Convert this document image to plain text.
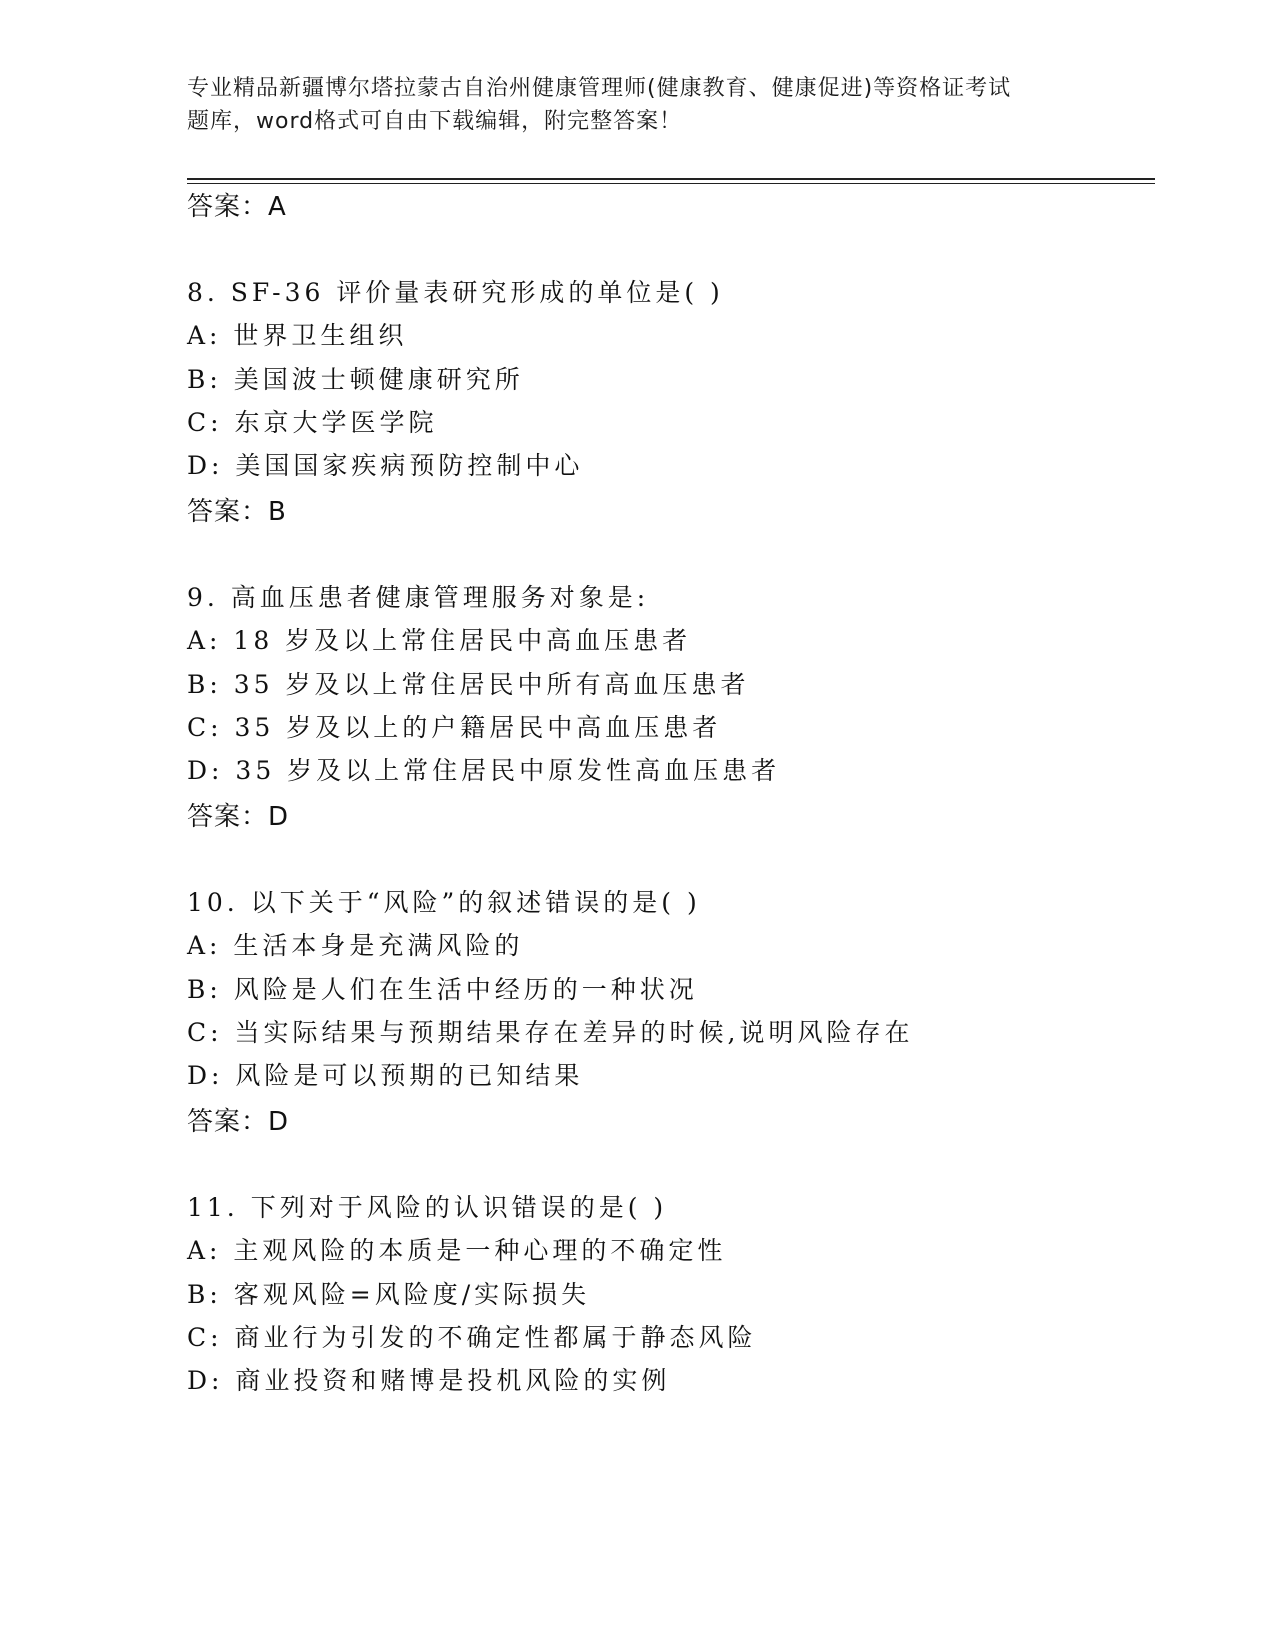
专业精品新疆博尔塔拉蒙古自治州健康管理师(健康教育、健康促进)等资格证考试
题库，word格式可自由下载编辑，附完整答案！
答案：A
8. SF-36 评价量表研究形成的单位是( )
A: 世界卫生组织
B: 美国波士顿健康研究所
C: 东京大学医学院
D: 美国国家疾病预防控制中心
答案：B
9. 高血压患者健康管理服务对象是:
A: 18 岁及以上常住居民中高血压患者
B: 35 岁及以上常住居民中所有高血压患者
C: 35 岁及以上的户籍居民中高血压患者
D: 35 岁及以上常住居民中原发性高血压患者
答案：D
10. 以下关于“风险”的叙述错误的是( )
A: 生活本身是充满风险的
B: 风险是人们在生活中经历的一种状况
C: 当实际结果与预期结果存在差异的时候,说明风险存在
D: 风险是可以预期的已知结果
答案：D
11. 下列对于风险的认识错误的是( )
A: 主观风险的本质是一种心理的不确定性
B: 客观风险=风险度/实际损失
C: 商业行为引发的不确定性都属于静态风险
D: 商业投资和赌博是投机风险的实例
